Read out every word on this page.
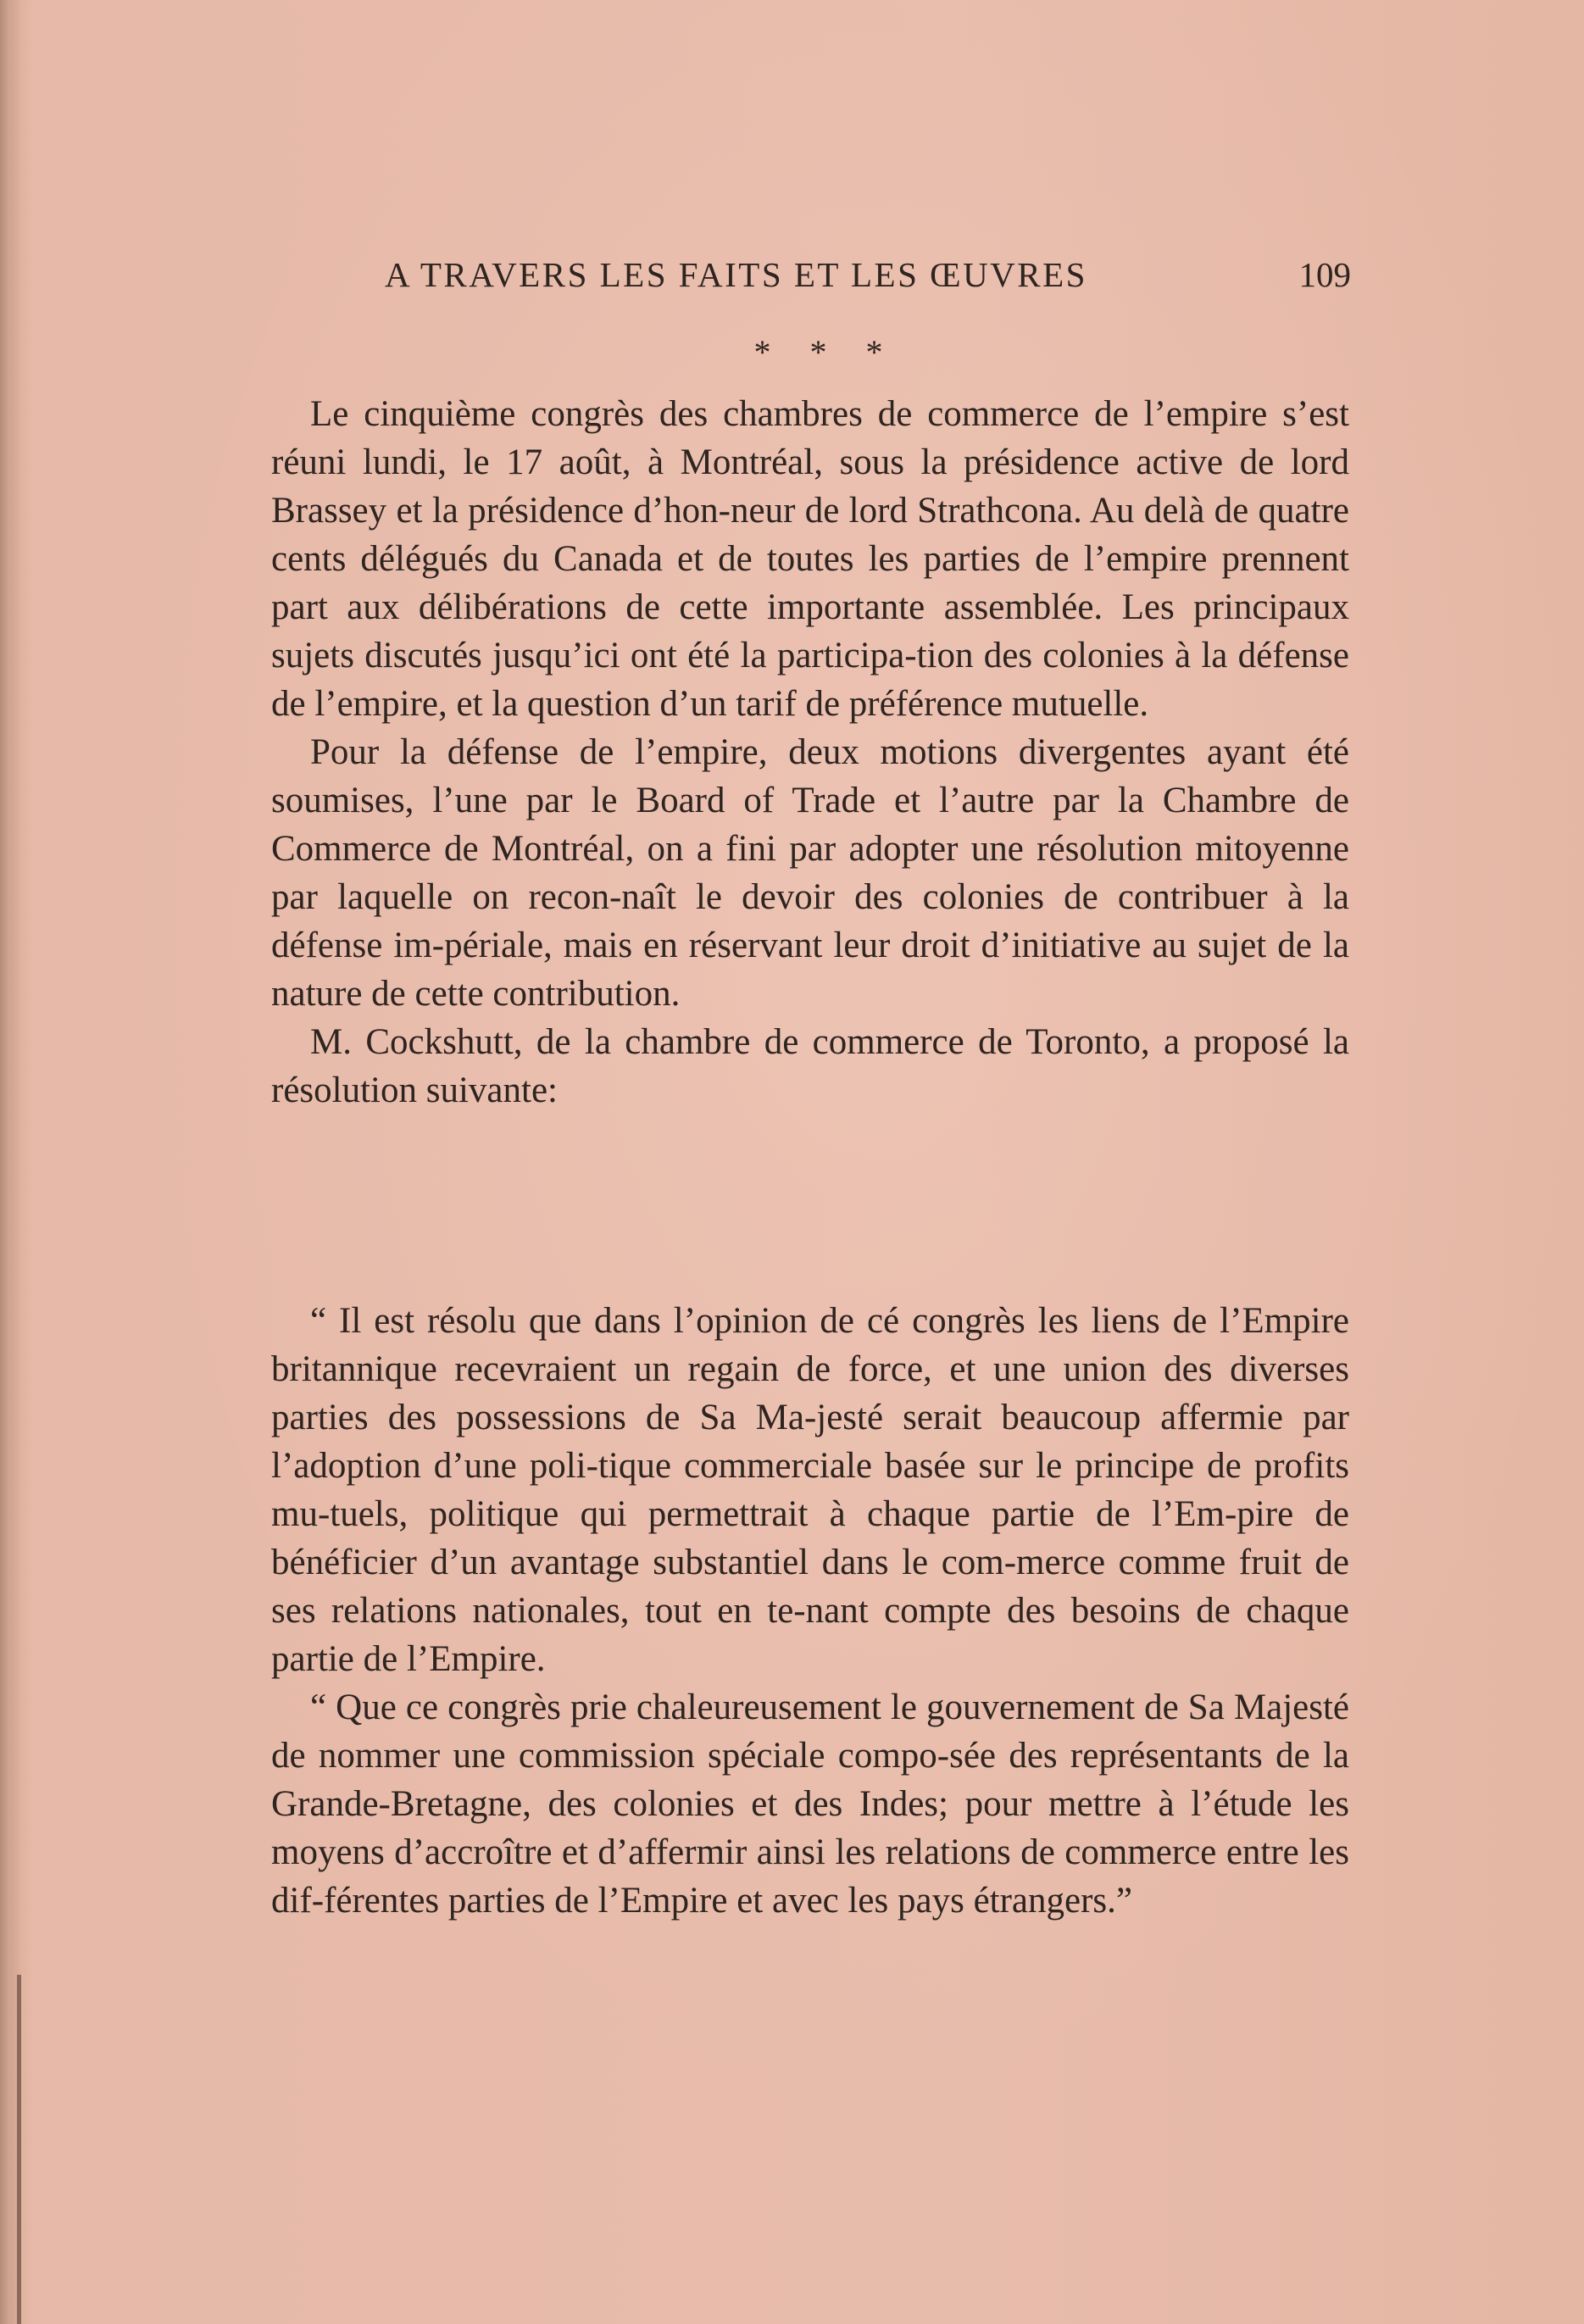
A TRAVERS LES FAITS ET LES ŒUVRES	109
* * *

Le cinquième congrès des chambres de commerce de l’empire s’est réuni lundi, le 17 août, à Montréal, sous la présidence active de lord Brassey et la présidence d’hon-neur de lord Strathcona. Au delà de quatre cents délégués du Canada et de toutes les parties de l’empire prennent part aux délibérations de cette importante assemblée. Les principaux sujets discutés jusqu’ici ont été la participa-tion des colonies à la défense de l’empire, et la question d’un tarif de préférence mutuelle.

Pour la défense de l’empire, deux motions divergentes ayant été soumises, l’une par le Board of Trade et l’autre par la Chambre de Commerce de Montréal, on a fini par adopter une résolution mitoyenne par laquelle on recon-naît le devoir des colonies de contribuer à la défense im-périale, mais en réservant leur droit d’initiative au sujet de la nature de cette contribution.

M. Cockshutt, de la chambre de commerce de Toronto, a proposé la résolution suivante:

“ Il est résolu que dans l’opinion de cé congrès les liens de l’Empire britannique recevraient un regain de force, et une union des diverses parties des possessions de Sa Ma-jesté serait beaucoup affermie par l’adoption d’une poli-tique commerciale basée sur le principe de profits mu-tuels, politique qui permettrait à chaque partie de l’Em-pire de bénéficier d’un avantage substantiel dans le com-merce comme fruit de ses relations nationales, tout en te-nant compte des besoins de chaque partie de l’Empire.

“ Que ce congrès prie chaleureusement le gouvernement de Sa Majesté de nommer une commission spéciale compo-sée des représentants de la Grande-Bretagne, des colonies et des Indes; pour mettre à l’étude les moyens d’accroître et d’affermir ainsi les relations de commerce entre les dif-férentes parties de l’Empire et avec les pays étrangers.”
